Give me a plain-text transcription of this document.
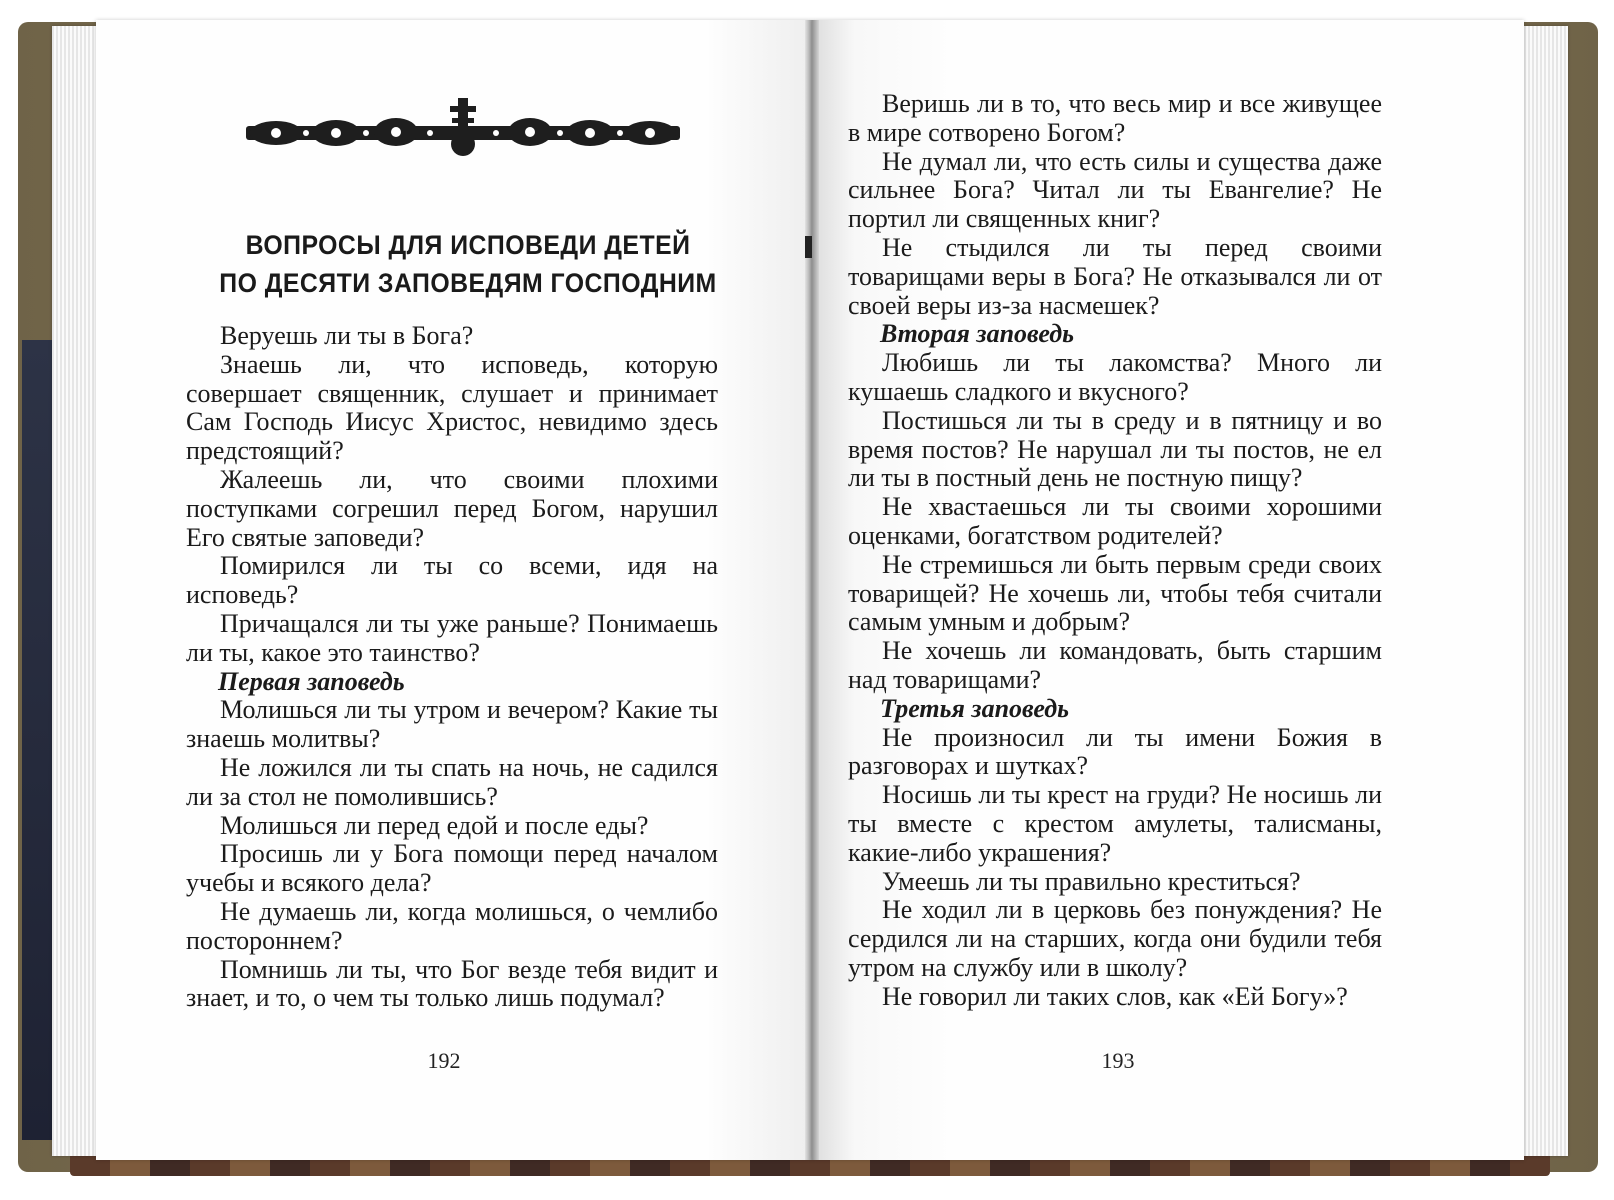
ВОПРОСЫ ДЛЯ ИСПОВЕДИ ДЕТЕЙ
ПО ДЕСЯТИ ЗАПОВЕДЯМ ГОСПОДНИМ

Веруешь ли ты в Бога?

Знаешь ли, что исповедь, которую совершает священник, слушает и принимает Сам Господь Иисус Христос, невидимо здесь предстоящий?

Жалеешь ли, что своими плохими поступками согрешил перед Богом, нарушил Его святые заповеди?

Помирился ли ты со всеми, идя на исповедь?

Причащался ли ты уже раньше? Понимаешь ли ты, какое это таинство?

Первая заповедь

Молишься ли ты утром и вечером? Какие ты знаешь молитвы?

Не ложился ли ты спать на ночь, не садился ли за стол не помолившись?

Молишься ли перед едой и после еды?

Просишь ли у Бога помощи перед началом учебы и всякого дела?

Не думаешь ли, когда молишься, о чемлибо постороннем?

Помнишь ли ты, что Бог везде тебя видит и знает, и то, о чем ты только лишь подумал?

Веришь ли в то, что весь мир и все живущее в мире сотворено Богом?

Не думал ли, что есть силы и существа даже сильнее Бога? Читал ли ты Евангелие? Не портил ли священных книг?

Не стыдился ли ты перед своими товарищами веры в Бога? Не отказывался ли от своей веры из-за насмешек?

Вторая заповедь

Любишь ли ты лакомства? Много ли кушаешь сладкого и вкусного?

Постишься ли ты в среду и в пятницу и во время постов? Не нарушал ли ты постов, не ел ли ты в постный день не постную пищу?

Не хвастаешься ли ты своими хорошими оценками, богатством родителей?

Не стремишься ли быть первым среди своих товарищей? Не хочешь ли, чтобы тебя считали самым умным и добрым?

Не хочешь ли командовать, быть старшим над товарищами?

Третья заповедь

Не произносил ли ты имени Божия в разговорах и шутках?

Носишь ли ты крест на груди? Не носишь ли ты вместе с крестом амулеты, талисманы, какие-либо украшения?

Умеешь ли ты правильно креститься?

Не ходил ли в церковь без понуждения? Не сердился ли на старших, когда они будили тебя утром на службу или в школу?

Не говорил ли таких слов, как «Ей Богу»?

192	193
